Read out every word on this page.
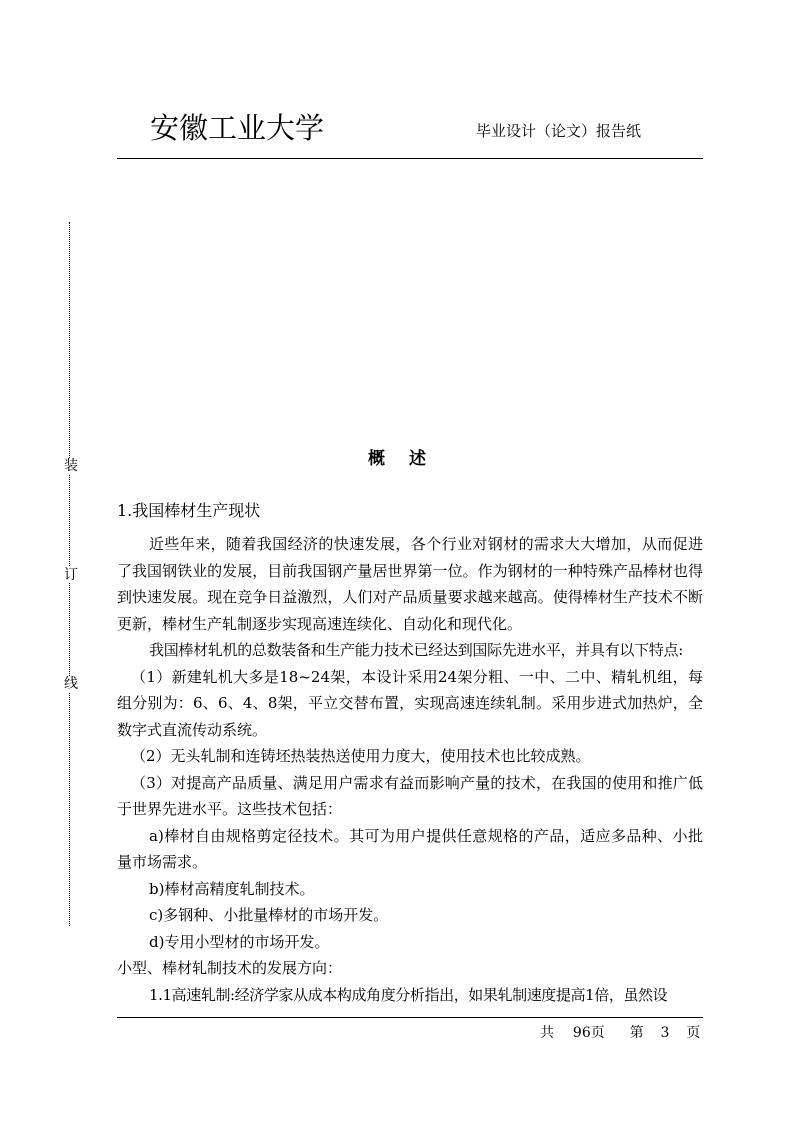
安徽工业大学	毕业设计（论文）报告纸
装
订
线
概述

1.我国棒材生产现状

近些年来，随着我国经济的快速发展，各个行业对钢材的需求大大增加，从而促进了我国钢铁业的发展，目前我国钢产量居世界第一位。作为钢材的一种特殊产品棒材也得到快速发展。现在竞争日益激烈，人们对产品质量要求越来越高。使得棒材生产技术不断更新，棒材生产轧制逐步实现高速连续化、自动化和现代化。

我国棒材轧机的总数装备和生产能力技术已经达到国际先进水平，并具有以下特点:

（1）新建轧机大多是18~24架，本设计采用24架分粗、一中、二中、精轧机组，每组分别为：6、6、4、8架，平立交替布置，实现高速连续轧制。采用步进式加热炉，全数字式直流传动系统。

（2）无头轧制和连铸坯热装热送使用力度大，使用技术也比较成熟。

（3）对提高产品质量、满足用户需求有益而影响产量的技术，在我国的使用和推广低于世界先进水平。这些技术包括：

a)棒材自由规格剪定径技术。其可为用户提供任意规格的产品，适应多品种、小批量市场需求。

b)棒材高精度轧制技术。

c)多钢种、小批量棒材的市场开发。

d)专用小型材的市场开发。

小型、棒材轧制技术的发展方向：

1.1高速轧制:经济学家从成本构成角度分析指出，如果轧制速度提高1倍，虽然设

共 96页 第 3 页
